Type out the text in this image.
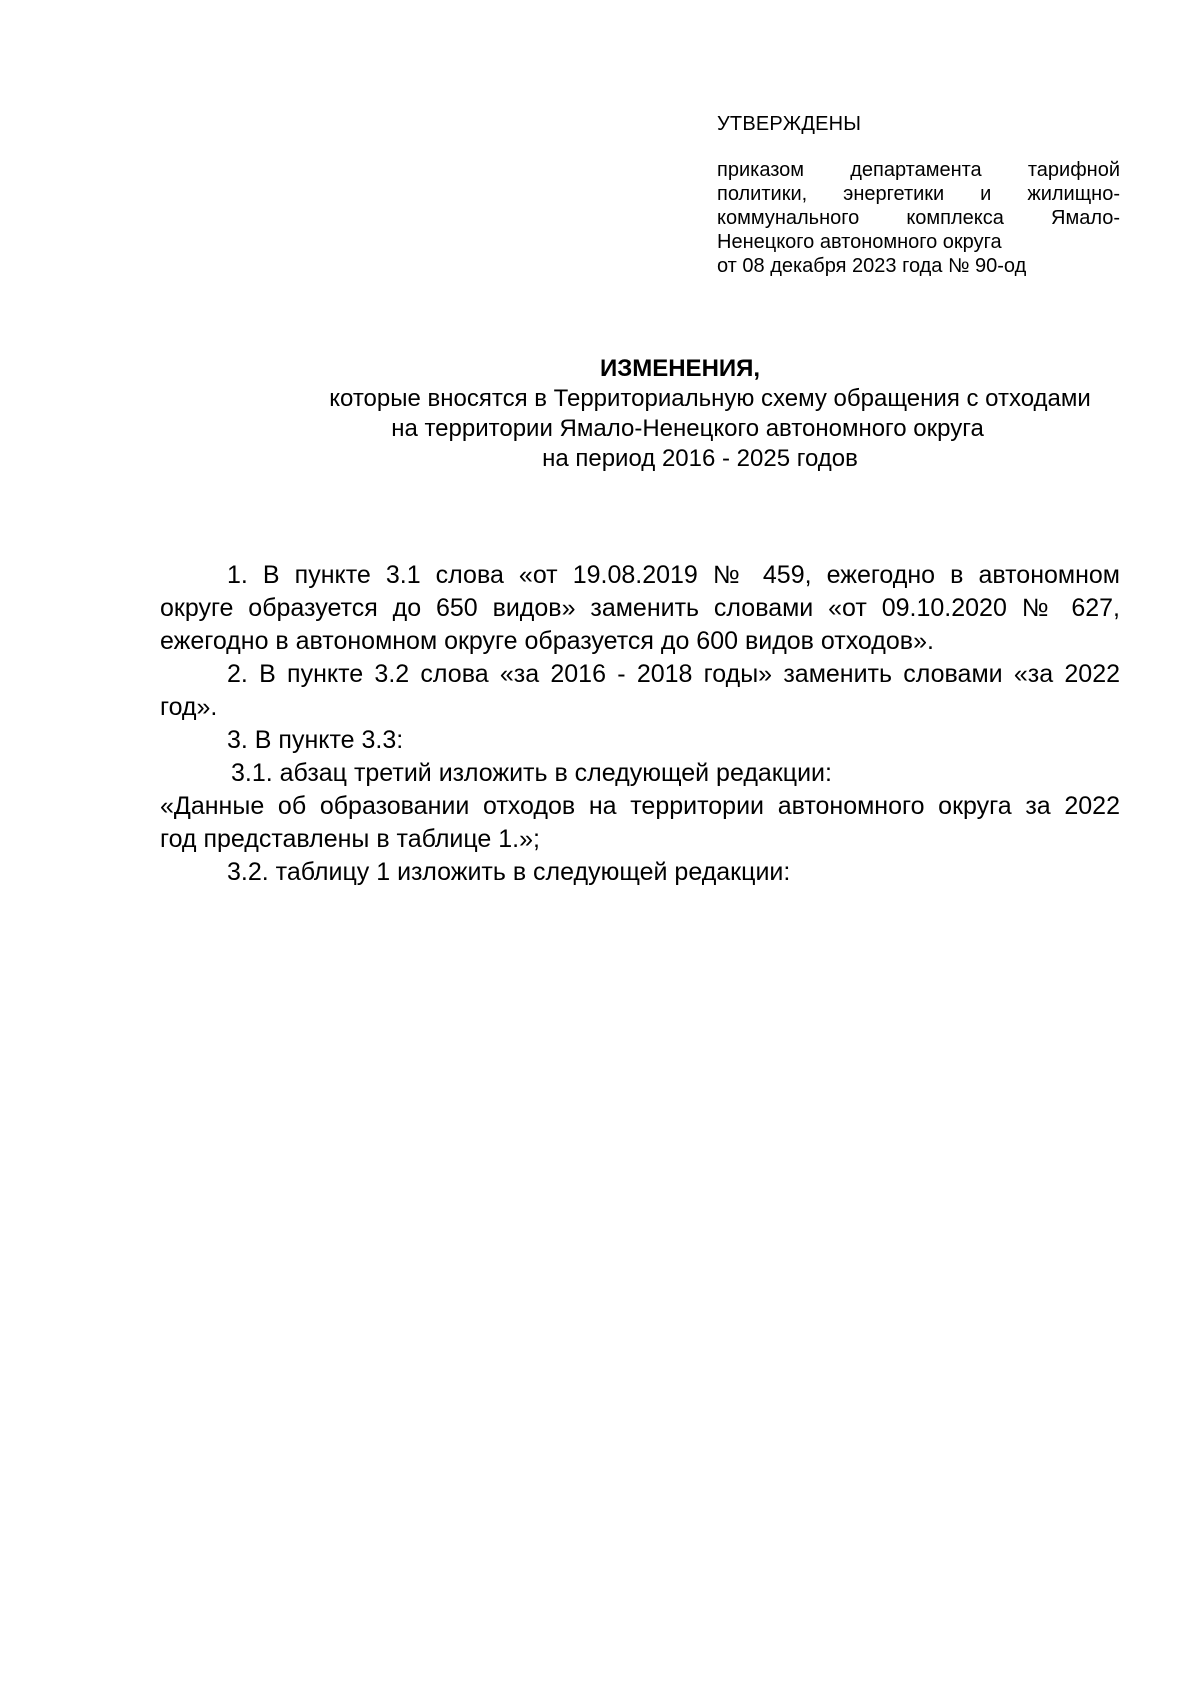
УТВЕРЖДЕНЫ
приказом департамента тарифной
политики, энергетики и жилищно-
коммунального комплекса Ямало-
Ненецкого автономного округа
от 08 декабря 2023 года № 90-од
ИЗМЕНЕНИЯ,
которые вносятся в Территориальную схему обращения с отходами
на территории Ямало-Ненецкого автономного округа
на период 2016 - 2025 годов
1. В пункте 3.1 слова «от 19.08.2019 № 459, ежегодно в автономном
округе образуется до 650 видов» заменить словами «от 09.10.2020 № 627,
ежегодно в автономном округе образуется до 600 видов отходов».
2. В пункте 3.2 слова «за 2016 - 2018 годы» заменить словами «за 2022
год».

3. В пункте 3.3:

3.1. абзац третий изложить в следующей редакции:

«Данные об образовании отходов на территории автономного округа за 2022
год представлены в таблице 1.»;

3.2. таблицу 1 изложить в следующей редакции:
